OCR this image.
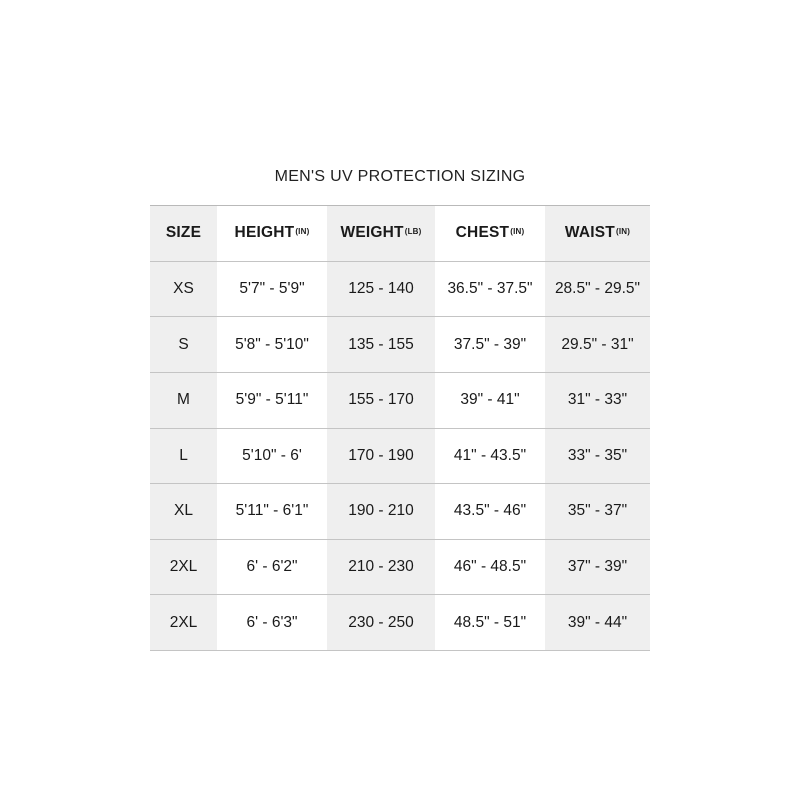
MEN'S UV PROTECTION SIZING
SIZE $HEIGHT^{(IN)}$ $WEIGHT^{(LB)}$ $CHEST^{(IN)}$	$WAIST^{(IN)}$
XS	5'7" - 5'9"	125 - 140	36.5" - 37.5"	28.5" - 29.5"
S	5'8" - 5'10"	135 - 155	37.5" - 39"	29.5" - 31"
M	5'9" - 5'11"	155 - 170	39" - 41"	31" - 33"
L	5'10" - 6'	170 - 190	41" - 43.5"	33" - 35"
XL	5'11" - 6'1"	190 - 210	43.5" - 46"	35" - 37"
2XL	6' - 6'2"	210 - 230	46" - 48.5"	37" - 39"
2XL	6' - 6'3"	230 - 250	48.5" - 51"	39" - 44"
